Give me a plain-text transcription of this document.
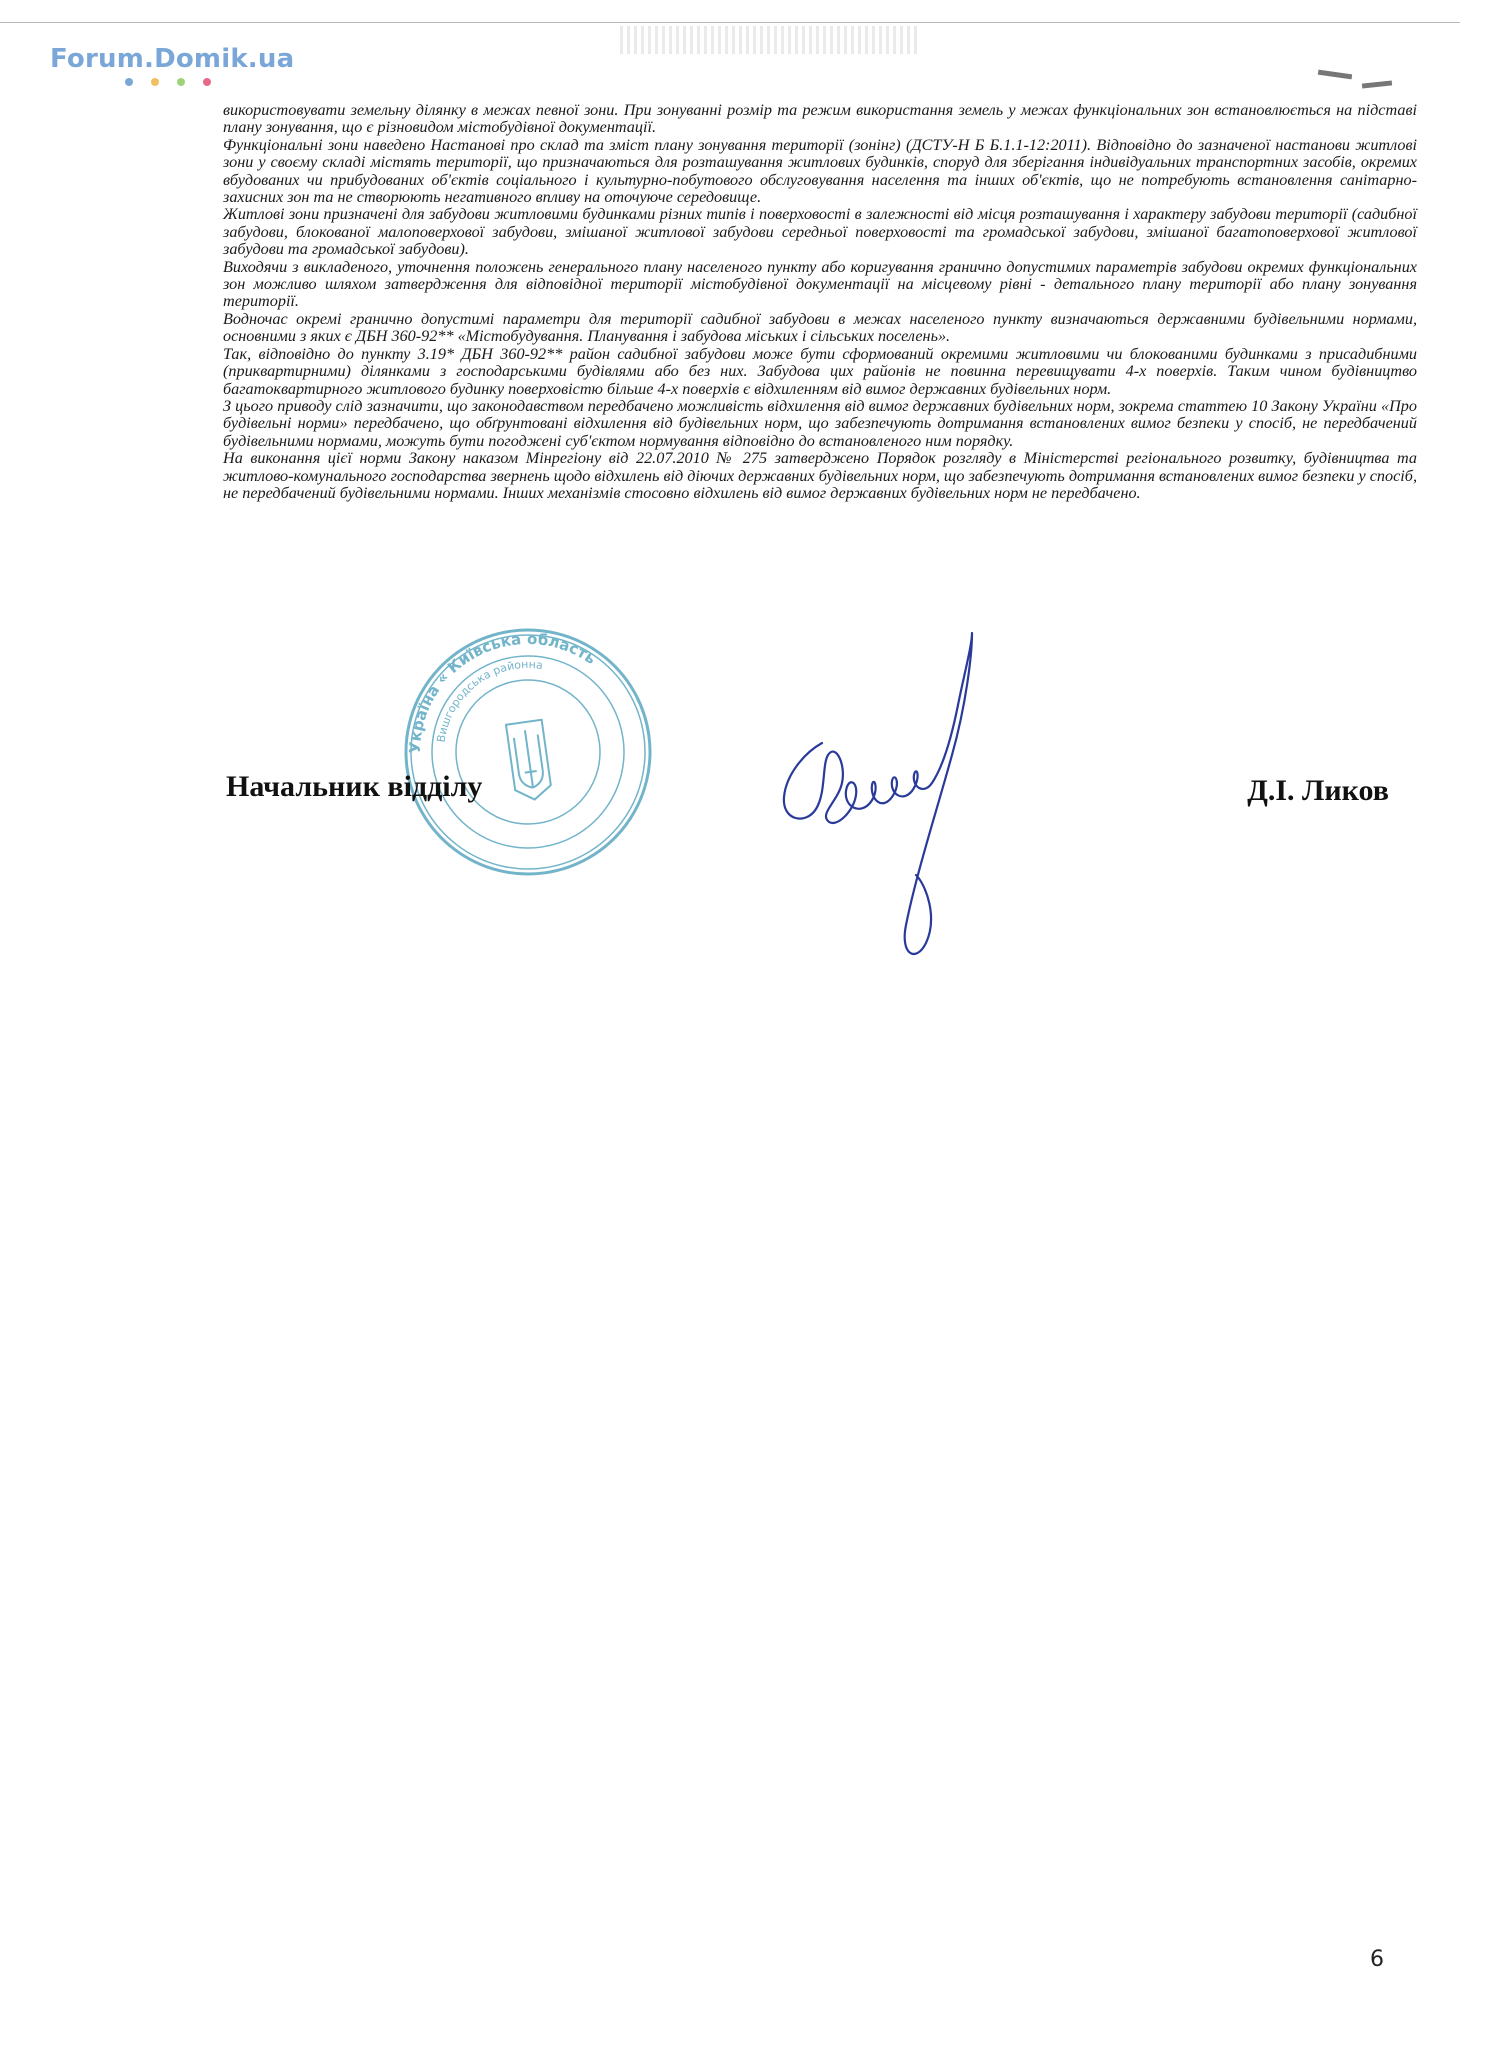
Forum.Domik.ua

використовувати земельну ділянку в межах певної зони. При зонуванні розмір та режим використання земель у межах функціональних зон встановлюється на підставі плану зонування, що є різновидом містобудівної документації.

Функціональні зони наведено Настанові про склад та зміст плану зонування території (зонінг) (ДСТУ-Н Б Б.1.1-12:2011). Відповідно до зазначеної настанови житлові зони у своєму складі містять території, що призначаються для розташування житлових будинків, споруд для зберігання індивідуальних транспортних засобів, окремих вбудованих чи прибудованих об'єктів соціального і культурно-побутового обслуговування населення та інших об'єктів, що не потребують встановлення санітарно-захисних зон та не створюють негативного впливу на оточуюче середовище.

Житлові зони призначені для забудови житловими будинками різних типів і поверховості в залежності від місця розташування і характеру забудови території (садибної забудови, блокованої малоповерхової забудови, змішаної житлової забудови середньої поверховості та громадської забудови, змішаної багатоповерхової житлової забудови та громадської забудови).

Виходячи з викладеного, уточнення положень генерального плану населеного пункту або коригування гранично допустимих параметрів забудови окремих функціональних зон можливо шляхом затвердження для відповідної території містобудівної документації на місцевому рівні - детального плану території або плану зонування території.

Водночас окремі гранично допустимі параметри для території садибної забудови в межах населеного пункту визначаються державними будівельними нормами, основними з яких є ДБН 360-92** «Містобудування. Планування і забудова міських і сільських поселень».

Так, відповідно до пункту 3.19* ДБН 360-92** район садибної забудови може бути сформований окремими житловими чи блокованими будинками з присадибними (приквартирними) ділянками з господарськими будівлями або без них. Забудова цих районів не повинна перевищувати 4-х поверхів. Таким чином будівництво багатоквартирного житлового будинку поверховістю більше 4-х поверхів є відхиленням від вимог державних будівельних норм.

З цього приводу слід зазначити, що законодавством передбачено можливість відхилення від вимог державних будівельних норм, зокрема статтею 10 Закону України «Про будівельні норми» передбачено, що обґрунтовані відхилення від будівельних норм, що забезпечують дотримання встановлених вимог безпеки у спосіб, не передбачений будівельними нормами, можуть бути погоджені суб'єктом нормування відповідно до встановленого ним порядку.

На виконання цієї норми Закону наказом Мінрегіону від 22.07.2010 № 275 затверджено Порядок розгляду в Міністерстві регіонального розвитку, будівництва та житлово-комунального господарства звернень щодо відхилень від діючих державних будівельних норм, що забезпечують дотримання встановлених вимог безпеки у спосіб, не передбачений будівельними нормами. Інших механізмів стосовно відхилень від вимог державних будівельних норм не передбачено.

Україна « Київська область
Вишгородська районна
Начальник відділу	Д.І. Ликов
6
